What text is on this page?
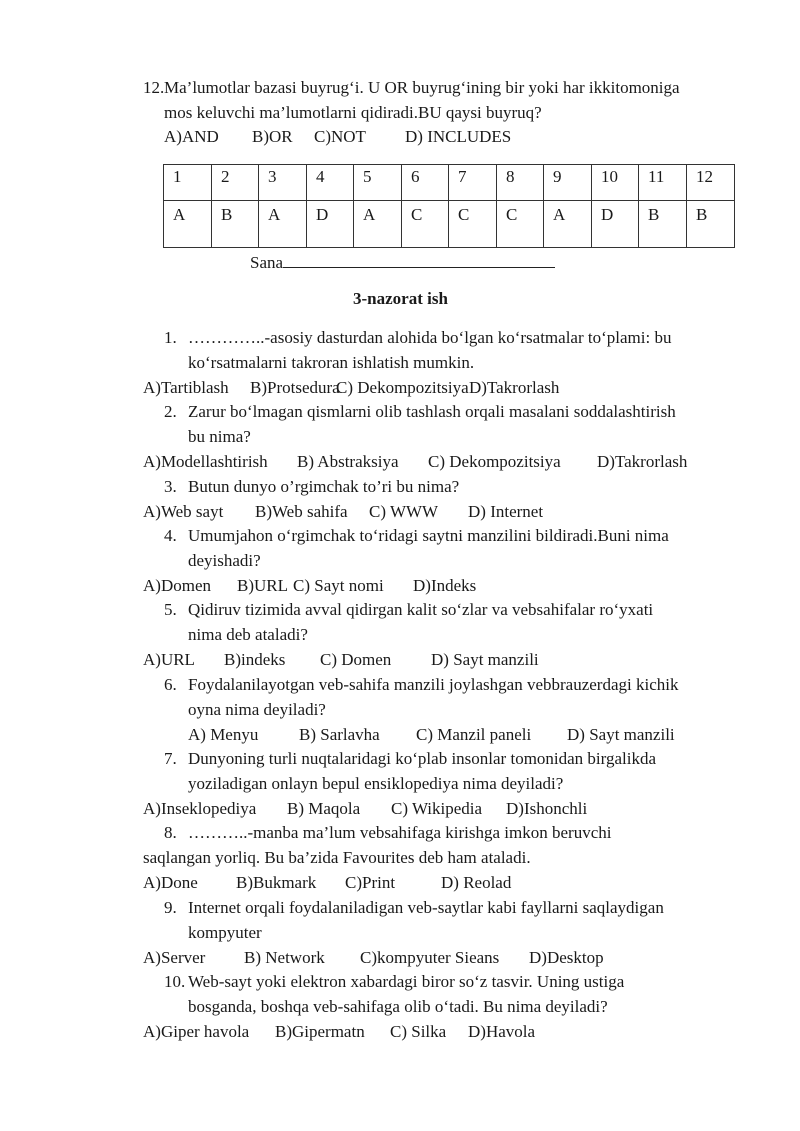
12. Ma’lumotlar bazasi buyrug‘i. U OR buyrug‘ining bir yoki har ikkitomoniga
mos keluvchi ma’lumotlarni qidiradi.BU qaysi buyruq?
A)AND B)OR C)NOT D) INCLUDES
1	2	3	4	5	6	7	8	9	10	11	12
A	B	A	D	A	C	C	C	A	D	B	B
Sana
3-nazorat ish
1. …………..-asosiy dasturdan alohida bo‘lgan ko‘rsatmalar to‘plami: bu
ko‘rsatmalarni takroran ishlatish mumkin.
A)Tartiblash B)ProtseduraC) DekompozitsiyaD)Takrorlash
2. Zarur bo‘lmagan qismlarni olib tashlash orqali masalani soddalashtirish
bu nima?
A)Modellashtirish B) Abstraksiya C) Dekompozitsiya D)Takrorlash
3. Butun dunyo o’rgimchak to’ri bu nima?
A)Web sayt B)Web sahifa C) WWW D) Internet
4. Umumjahon o‘rgimchak to‘ridagi saytni manzilini bildiradi.Buni nima
deyishadi?
A)Domen B)URL C) Sayt nomi D)Indeks
5. Qidiruv tizimida avval qidirgan kalit so‘zlar va vebsahifalar ro‘yxati
nima deb ataladi?
A)URL B)indeks C) Domen D) Sayt manzili
6. Foydalanilayotgan veb-sahifa manzili joylashgan vebbrauzerdagi kichik
oyna nima deyiladi?
A) Menyu B) Sarlavha C) Manzil paneli D) Sayt manzili
7. Dunyoning turli nuqtalaridagi ko‘plab insonlar tomonidan birgalikda
yoziladigan onlayn bepul ensiklopediya nima deyiladi?
A)Inseklopediya B) Maqola C) Wikipedia D)Ishonchli
8. ………..-manba ma’lum vebsahifaga kirishga imkon beruvchi
saqlangan yorliq. Bu ba’zida Favourites deb ham ataladi.
A)Done B)Bukmark C)Print	D) Reolad
9. Internet orqali foydalaniladigan veb-saytlar kabi fayllarni saqlaydigan
kompyuter
A)Server B) Network C)kompyuter Sieans D)Desktop
10. Web-sayt yoki elektron xabardagi biror so‘z tasvir. Uning ustiga
bosganda, boshqa veb-sahifaga olib o‘tadi. Bu nima deyiladi?
A)Giper havola B)Gipermatn C) Silka D)Havola
